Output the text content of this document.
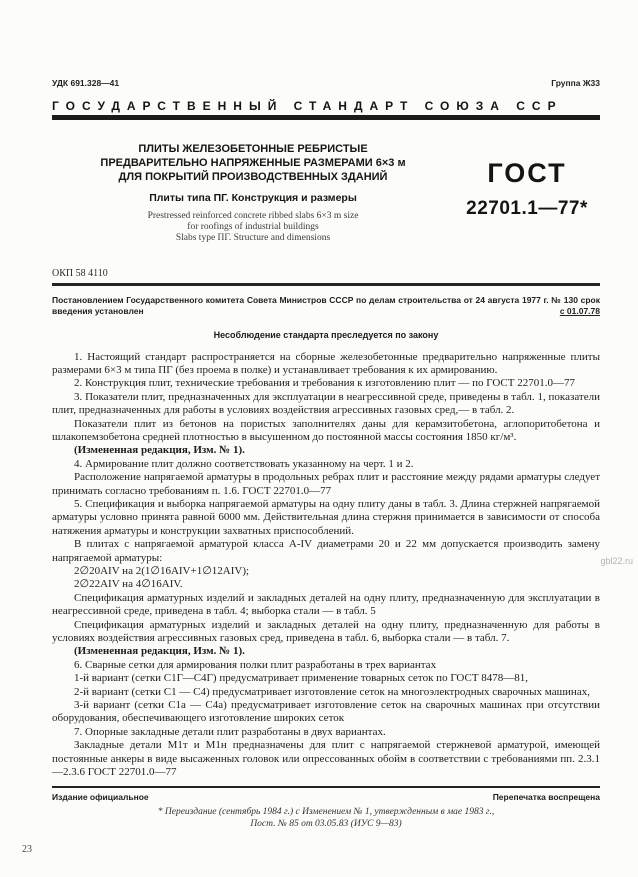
УДК 691.328—41	Группа Ж33
ГОСУДАРСТВЕННЫЙ СТАНДАРТ СОЮЗА ССР
ПЛИТЫ ЖЕЛЕЗОБЕТОННЫЕ РЕБРИСТЫЕ
ПРЕДВАРИТЕЛЬНО НАПРЯЖЕННЫЕ РАЗМЕРАМИ 6×3 м
ДЛЯ ПОКРЫТИЙ ПРОИЗВОДСТВЕННЫХ ЗДАНИЙ
Плиты типа ПГ. Конструкция и размеры
Prestressed reinforced concrete ribbed slabs 6×3 m size
for roofings of industrial buildings
Slabs type ПГ. Structure and dimensions
ГОСТ
22701.1—77*
ОКП 58 4110
Постановлением Государственного комитета Совета Министров СССР по делам строительства от 24 августа 1977 г. № 130 срок введения установлен	с 01.07.78
Несоблюдение стандарта преследуется по закону
1. Настоящий стандарт распространяется на сборные железобетонные предварительно напряженные плиты размерами 6×3 м типа ПГ (без проема в полке) и устанавливает требования к их армированию.
2. Конструкция плит, технические требования и требования к изготовлению плит — по ГОСТ 22701.0—77
3. Показатели плит, предназначенных для эксплуатации в неагрессивной среде, приведены в табл. 1, показатели плит, предназначенных для работы в условиях воздействия агрессивных газовых сред,— в табл. 2.
Показатели плит из бетонов на пористых заполнителях даны для керамзитобетона, аглопоритобетона и шлакопемзобетона средней плотностью в высушенном до постоянной массы состояния 1850 кг/м³.
(Измененная редакция, Изм. № 1).
4. Армирование плит должно соответствовать указанному на черт. 1 и 2.
Расположение напрягаемой арматуры в продольных ребрах плит и расстояние между рядами арматуры следует принимать согласно требованиям п. 1.6. ГОСТ 22701.0—77
5. Спецификация и выборка напрягаемой арматуры на одну плиту даны в табл. 3. Длина стержней напрягаемой арматуры условно принята равной 6000 мм. Действительная длина стержня принимается в зависимости от способа натяжения арматуры и конструкции захватных приспособлений.
В плитах с напрягаемой арматурой класса А-IV диаметрами 20 и 22 мм допускается производить замену напрягаемой арматуры:
2∅20АIV на 2(1∅16АIV+1∅12АIV);
2∅22АIV на 4∅16АIV.
Спецификация арматурных изделий и закладных деталей на одну плиту, предназначенную для эксплуатации в неагрессивной среде, приведена в табл. 4; выборка стали — в табл. 5
Спецификация арматурных изделий и закладных деталей на одну плиту, предназначенную для работы в условиях воздействия агрессивных газовых сред, приведена в табл. 6, выборка стали — в табл. 7.
(Измененная редакция, Изм. № 1).
6. Сварные сетки для армирования полки плит разработаны в трех вариантах
1-й вариант (сетки С1Г—С4Г) предусматривает применение товарных сеток по ГОСТ 8478—81,
2-й вариант (сетки С1 — С4) предусматривает изготовление сеток на многоэлектродных сварочных машинах,
3-й вариант (сетки С1а — С4а) предусматривает изготовление сеток на сварочных машинах при отсутствии оборудования, обеспечивающего изготовление широких сеток
7. Опорные закладные детали плит разработаны в двух вариантах.
Закладные детали М1т и М1н предназначены для плит с напрягаемой стержневой арматурой, имеющей постоянные анкеры в виде высаженных головок или опрессованных обойм в соответствии с требованиями пп. 2.3.1—2.3.6 ГОСТ 22701.0—77
Издание официальное	Перепечатка воспрещена
* Переиздание (сентябрь 1984 г.) с Изменением № 1, утвержденным в мае 1983 г.,
Пост. № 85 от 03.05.83 (ИУС 9—83)
23
gbl22.ru
